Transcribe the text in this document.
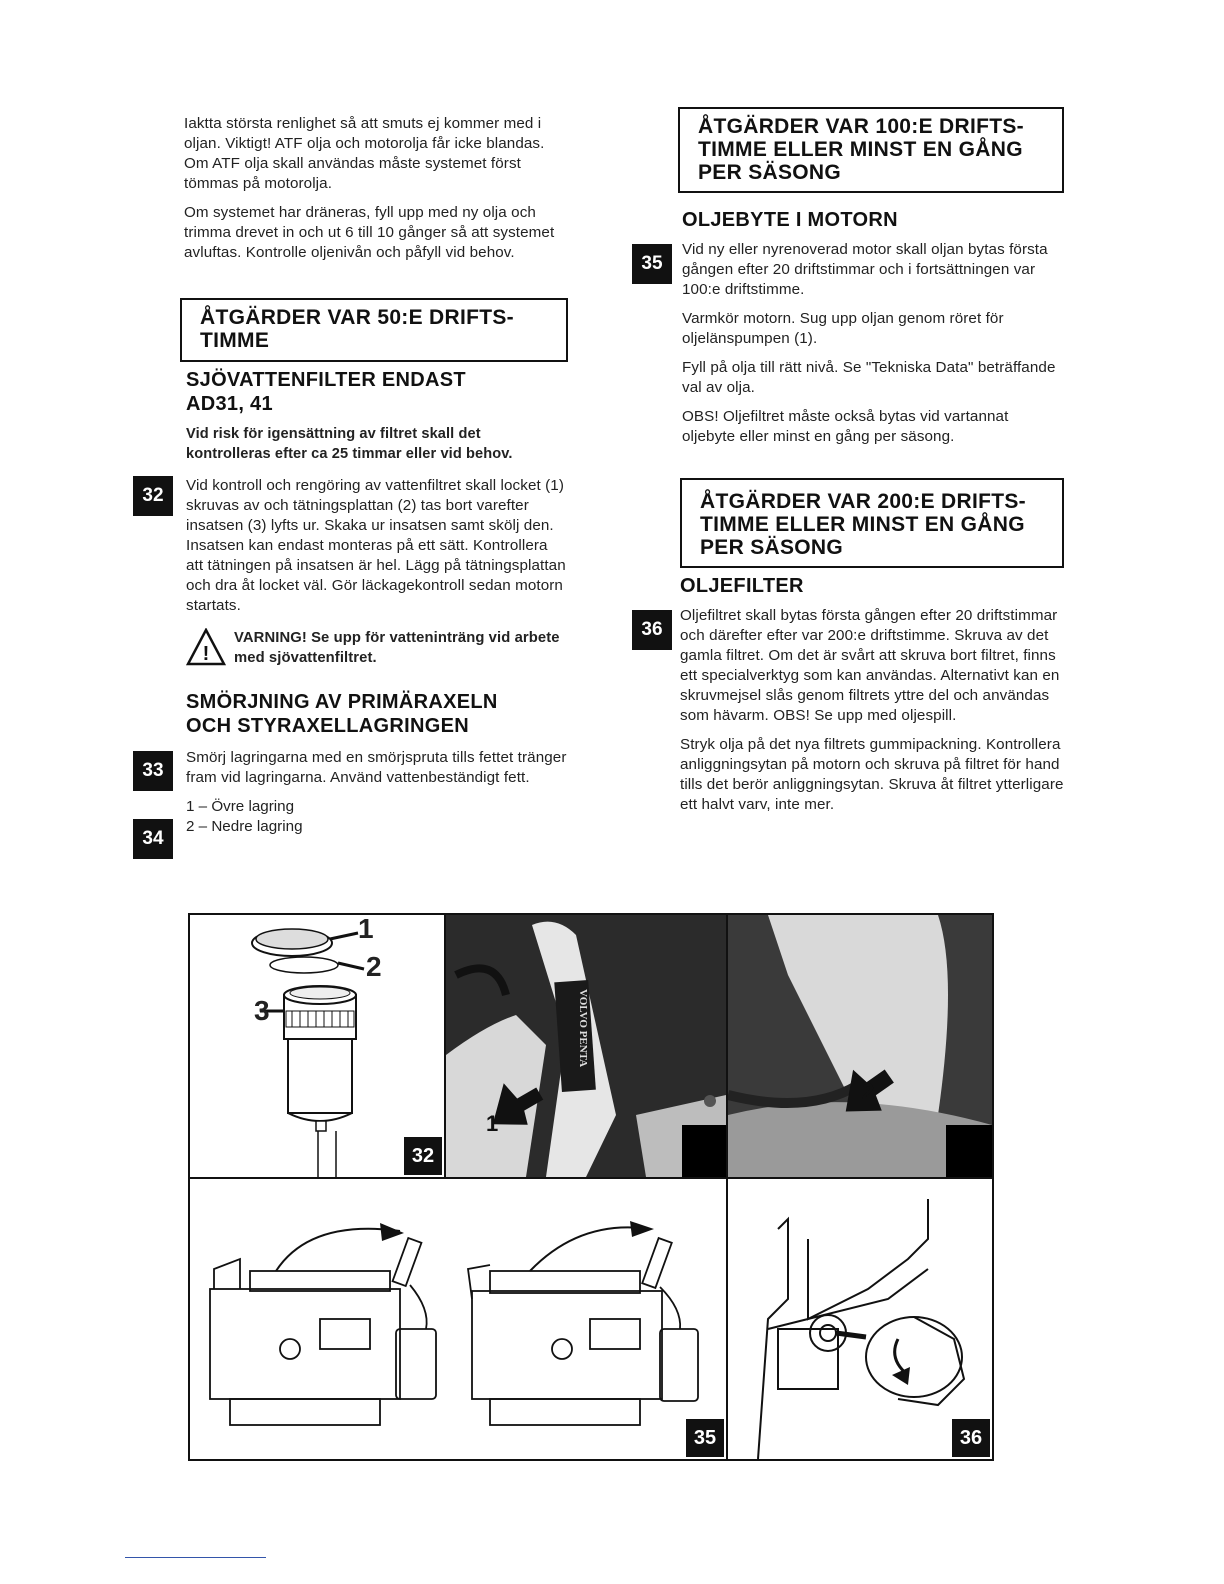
Iaktta största renlighet så att smuts ej kommer med i oljan. Viktigt! ATF olja och motorolja får icke blandas. Om ATF olja skall användas måste systemet först tömmas på motorolja.

Om systemet har dräneras, fyll upp med ny olja och trimma drevet in och ut 6 till 10 gånger så att systemet avluftas. Kontrolle oljenivån och påfyll vid behov.

ÅTGÄRDER VAR 50:E DRIFTS-
TIMME
SJÖVATTENFILTER ENDAST
AD31, 41

Vid risk för igensättning av filtret skall det kontrolleras efter ca 25 timmar eller vid behov.

Vid kontroll och rengöring av vattenfiltret skall locket (1) skruvas av och tätningsplattan (2) tas bort varefter insatsen (3) lyfts ur. Skaka ur insatsen samt skölj den. Insatsen kan endast monteras på ett sätt. Kontrollera att tätningen på insatsen är hel. Lägg på tätningsplattan och dra åt locket väl. Gör läckagekontroll sedan motorn startats.

!

VARNING! Se upp för vatteninträng vid arbete med sjövattenfiltret.

32
SMÖRJNING AV PRIMÄRAXELN
OCH STYRAXELLAGRINGEN

Smörj lagringarna med en smörjspruta tills fettet tränger fram vid lagringarna. Använd vattenbeständigt fett.

1 – Övre lagring
2 – Nedre lagring
33
34
ÅTGÄRDER VAR 100:E DRIFTS-
TIMME ELLER MINST EN GÅNG
PER SÄSONG
OLJEBYTE I MOTORN

Vid ny eller nyrenoverad motor skall oljan bytas första gången efter 20 driftstimmar och i fortsättningen var 100:e driftstimme.

Varmkör motorn. Sug upp oljan genom röret för oljelänspumpen (1).

Fyll på olja till rätt nivå. Se "Tekniska Data" beträffande val av olja.

OBS! Oljefiltret måste också bytas vid vartannat oljebyte eller minst en gång per säsong.

35
ÅTGÄRDER VAR 200:E DRIFTS-
TIMME ELLER MINST EN GÅNG
PER SÄSONG
OLJEFILTER

Oljefiltret skall bytas första gången efter 20 driftstimmar och därefter efter var 200:e driftstimme. Skruva av det gamla filtret. Om det är svårt att skruva bort filtret, finns ett specialverktyg som kan användas. Alternativt kan en skruvmejsel slås genom filtrets yttre del och användas som hävarm. OBS! Se upp med oljespill.

Stryk olja på det nya filtrets gummipackning. Kontrollera anliggningsytan på motorn och skruva på filtret för hand tills det berör anliggningsytan. Skruva åt filtret ytterligare ett halvt varv, inte mer.

36
1
2
3
32
VOLVO PENTA
1
2
35	36
